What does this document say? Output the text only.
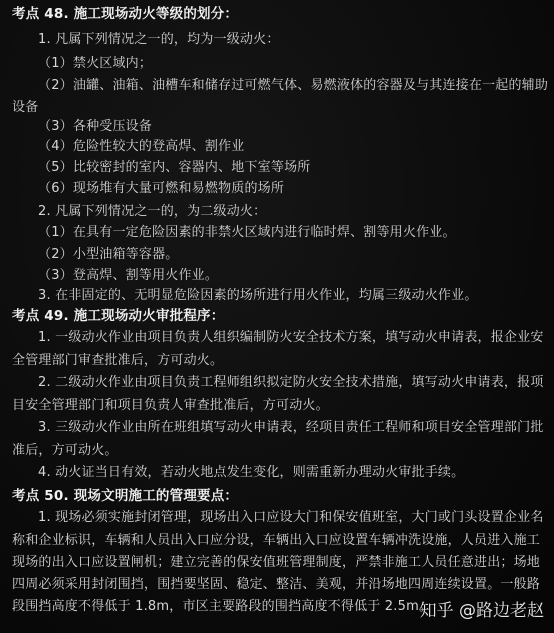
考点 48. 施工现场动火等级的划分：
1. 凡属下列情况之一的，均为一级动火：
（1）禁火区域内；
（2）油罐、油箱、油槽车和储存过可燃气体、易燃液体的容器及与其连接在一起的辅助
设备
（3）各种受压设备
（4）危险性较大的登高焊、割作业
（5）比较密封的室内、容器内、地下室等场所
（6）现场堆有大量可燃和易燃物质的场所
2. 凡属下列情况之一的，为二级动火：
（1）在具有一定危险因素的非禁火区域内进行临时焊、割等用火作业。
（2）小型油箱等容器。
（3）登高焊、割等用火作业。
3. 在非固定的、无明显危险因素的场所进行用火作业，均属三级动火作业。
考点 49. 施工现场动火审批程序：
1. 一级动火作业由项目负责人组织编制防火安全技术方案，填写动火申请表，报企业安
全管理部门审查批准后，方可动火。
2. 二级动火作业由项目负责工程师组织拟定防火安全技术措施，填写动火申请表，报项
目安全管理部门和项目负责人审查批准后，方可动火。
3. 三级动火作业由所在班组填写动火申请表，经项目责任工程师和项目安全管理部门批
准后，方可动火。
4. 动火证当日有效，若动火地点发生变化，则需重新办理动火审批手续。
考点 50. 现场文明施工的管理要点：
1. 现场必须实施封闭管理，现场出入口应设大门和保安值班室，大门或门头设置企业名
称和企业标识，车辆和人员出入口应分设，车辆出入口应设置车辆冲洗设施，人员进入施工
现场的出入口应设置闸机；建立完善的保安值班管理制度，严禁非施工人员任意进出；场地
四周必须采用封闭围挡，围挡要坚固、稳定、整洁、美观，并沿场地四周连续设置。一般路
段围挡高度不得低于 1.8m，市区主要路段的围挡高度不得低于 2.5m。
知乎 @路边老赵
